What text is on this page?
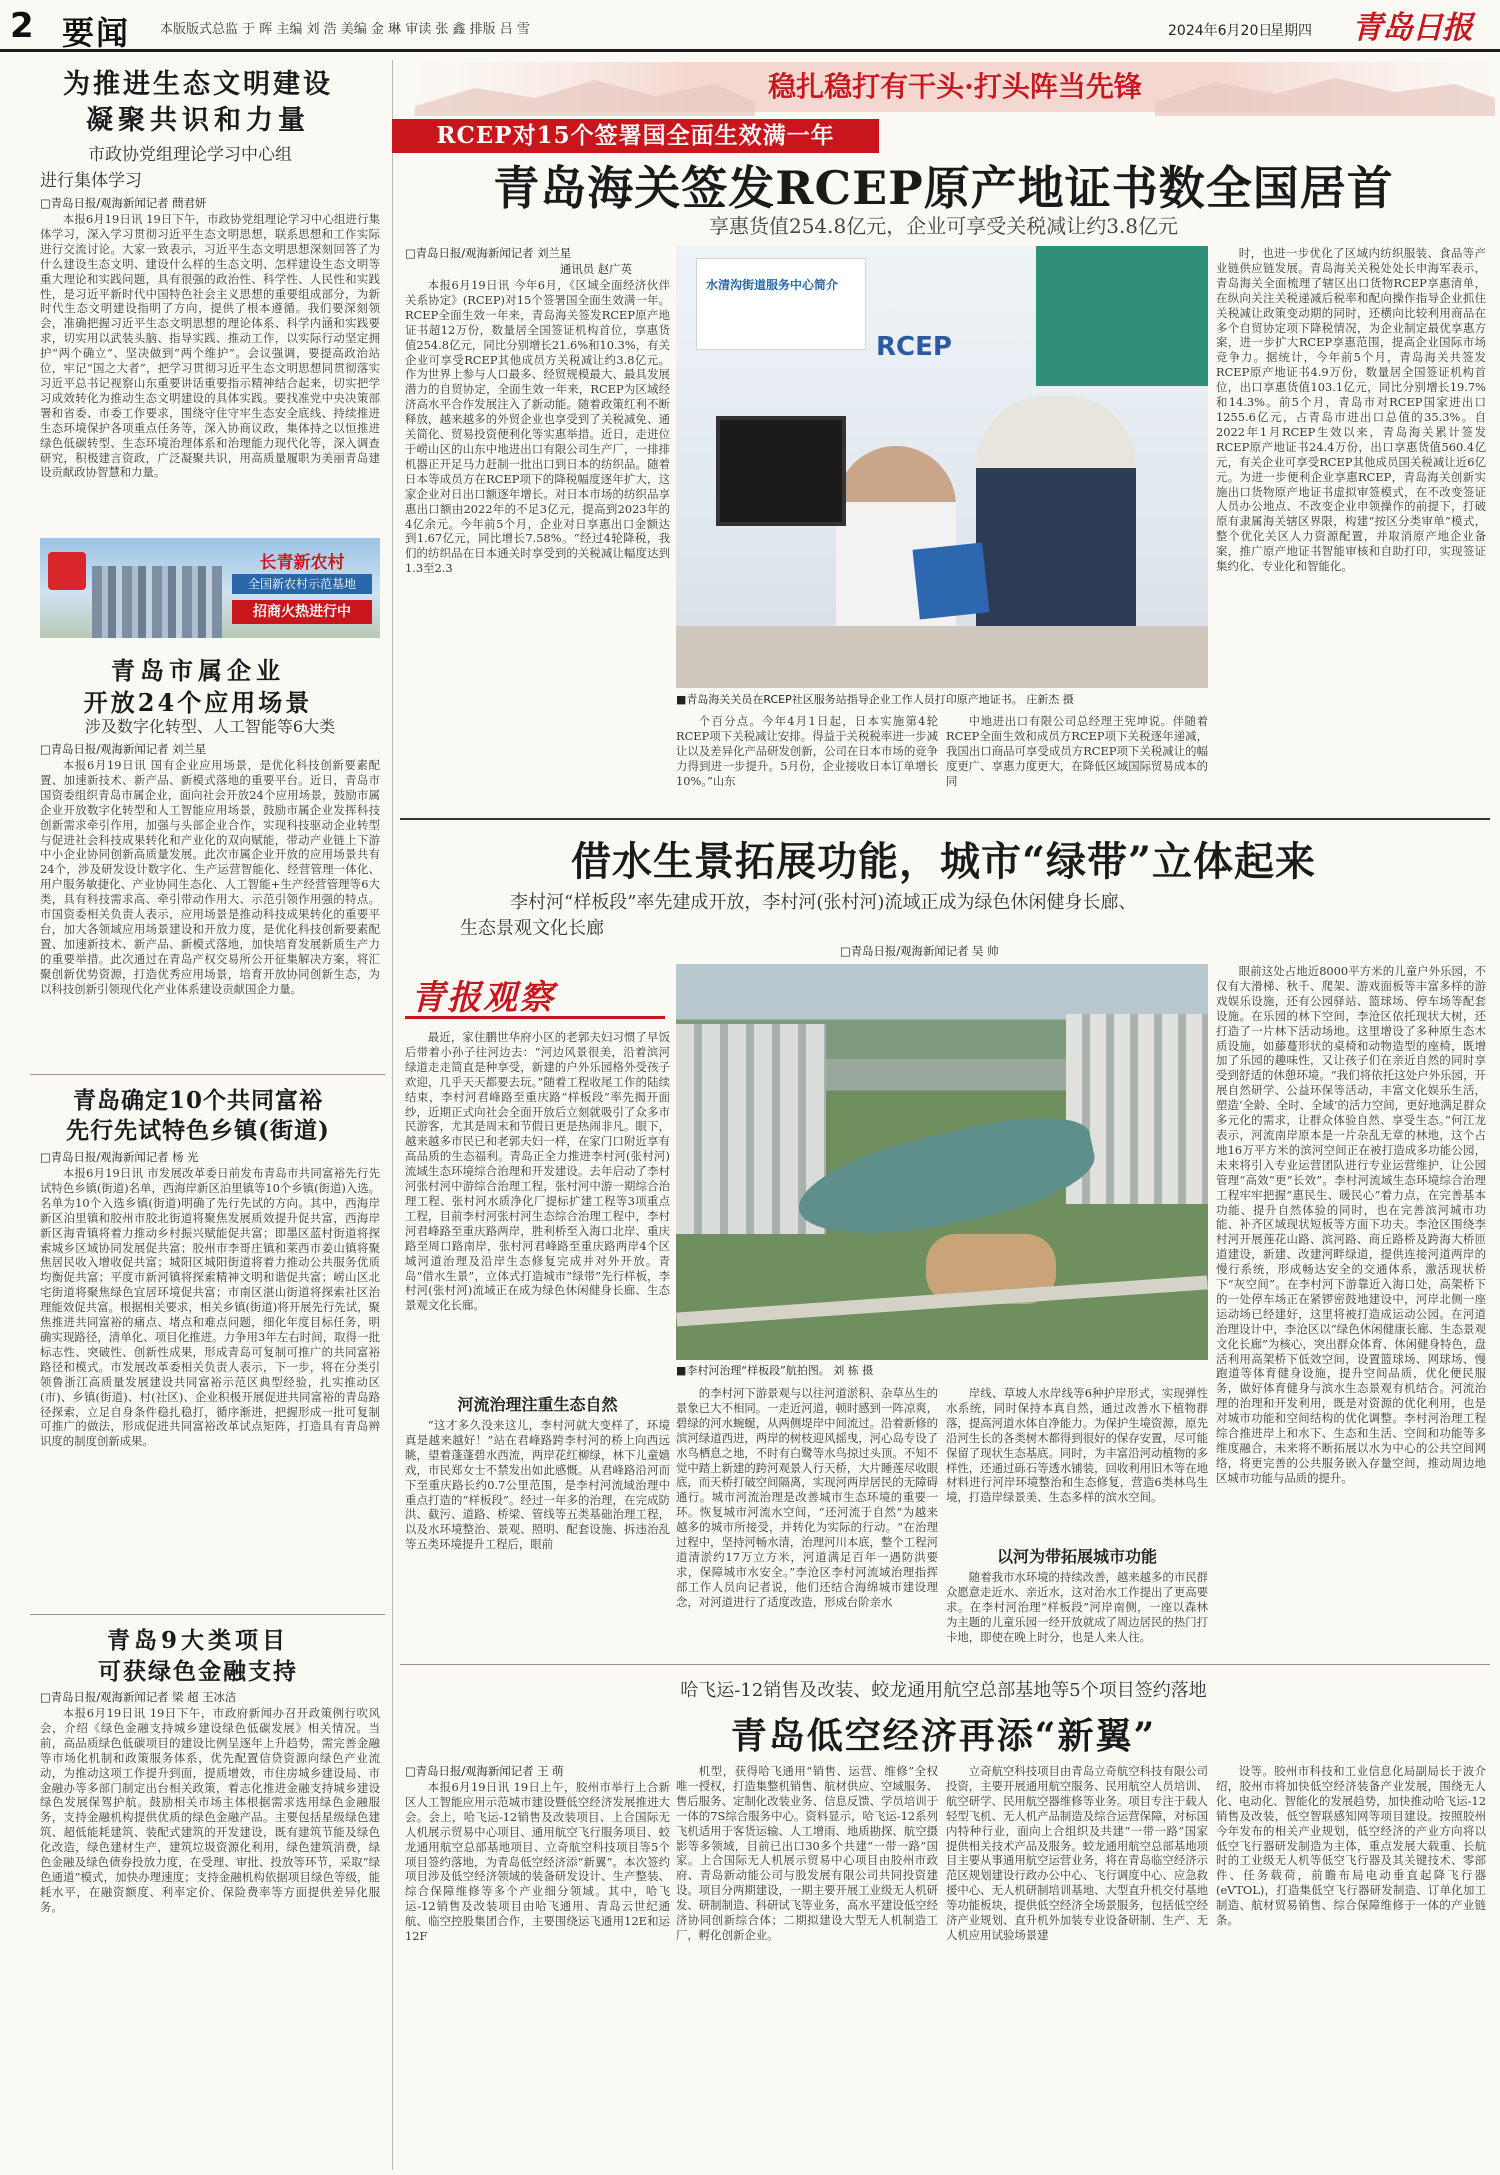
2 要闻 本版版式总监 于 晖 主编 刘 浩 美编 金 琳 审读 张 鑫 排版 吕 雪	2024年6月20日
星期四 青岛日报
为推进生态文明建设
凝聚共识和力量
市政协党组理论学习中心组
进行集体学习
□青岛日报/观海新闻记者 蔄君妍

本报6月19日讯 19日下午，市政协党组理论学习中心组进行集体学习，深入学习贯彻习近平生态文明思想，联系思想和工作实际进行交流讨论。大家一致表示，习近平生态文明思想深刻回答了为什么建设生态文明、建设什么样的生态文明、怎样建设生态文明等重大理论和实践问题，具有很强的政治性、科学性、人民性和实践性，是习近平新时代中国特色社会主义思想的重要组成部分，为新时代生态文明建设指明了方向，提供了根本遵循。我们要深刻领会，准确把握习近平生态文明思想的理论体系、科学内涵和实践要求，切实用以武装头脑、指导实践、推动工作，以实际行动坚定拥护“两个确立”、坚决做到“两个维护”。会议强调，要提高政治站位，牢记“国之大者”，把学习贯彻习近平生态文明思想同贯彻落实习近平总书记视察山东重要讲话重要指示精神结合起来，切实把学习成效转化为推动生态文明建设的具体实践。要找准党中央决策部署和省委、市委工作要求，围绕守住守牢生态安全底线、持续推进生态环境保护各项重点任务等，深入协商议政，集体持之以恒推进绿色低碳转型、生态环境治理体系和治理能力现代化等，深入调查研究，积极建言资政，广泛凝聚共识，用高质量履职为美丽青岛建设贡献政协智慧和力量。

长青新农村
全国新农村示范基地
招商火热进行中
青岛市属企业
开放24个应用场景
涉及数字化转型、人工智能等6大类
□青岛日报/观海新闻记者 刘兰星

本报6月19日讯 国有企业应用场景，是优化科技创新要素配置、加速新技术、新产品、新模式落地的重要平台。近日，青岛市国资委组织青岛市属企业，面向社会开放24个应用场景，鼓励市属企业开放数字化转型和人工智能应用场景，鼓励市属企业发挥科技创新需求牵引作用，加强与头部企业合作，实现科技驱动企业转型与促进社会科技成果转化和产业化的双向赋能，带动产业链上下游中小企业协同创新高质量发展。此次市属企业开放的应用场景共有24个，涉及研发设计数字化、生产运营智能化、经营管理一体化、用户服务敏捷化、产业协同生态化、人工智能+生产经营管理等6大类，具有科技需求高、牵引带动作用大、示范引领作用强的特点。市国资委相关负责人表示，应用场景是推动科技成果转化的重要平台，加大各领域应用场景建设和开放力度，是优化科技创新要素配置、加速新技术、新产品、新模式落地，加快培育发展新质生产力的重要举措。此次通过在青岛产权交易所公开征集解决方案，将汇聚创新优势资源，打造优秀应用场景，培育开放协同创新生态，为以科技创新引领现代化产业体系建设贡献国企力量。

青岛确定10个共同富裕
先行先试特色乡镇(街道)
□青岛日报/观海新闻记者 杨 光

本报6月19日讯 市发展改革委日前发布青岛市共同富裕先行先试特色乡镇(街道)名单，西海岸新区泊里镇等10个乡镇(街道)入选。名单为10个入选乡镇(街道)明确了先行先试的方向。其中，西海岸新区泊里镇和胶州市胶北街道将聚焦发展质效提升促共富，西海岸新区海青镇将着力推动乡村振兴赋能促共富；即墨区蓝村街道将探索城乡区域协同发展促共富；胶州市李哥庄镇和莱西市姜山镇将聚焦居民收入增收促共富；城阳区城阳街道将着力推动公共服务优质均衡促共富；平度市新河镇将探索精神文明和谐促共富；崂山区北宅街道将聚焦绿色宜居环境促共富；市南区湛山街道将探索社区治理能效促共富。根据相关要求，相关乡镇(街道)将开展先行先试，聚焦推进共同富裕的痛点、堵点和难点问题，细化年度目标任务，明确实现路径，清单化、项目化推进。力争用3年左右时间，取得一批标志性、突破性、创新性成果，形成青岛可复制可推广的共同富裕路径和模式。市发展改革委相关负责人表示，下一步，将在分类引领鲁浙江高质量发展建设共同富裕示范区典型经验，扎实推动区(市)、乡镇(街道)、村(社区)、企业积极开展促进共同富裕的青岛路径探索，立足自身条件稳扎稳打，循序渐进，把握形成一批可复制可推广的做法，形成促进共同富裕改革试点矩阵，打造具有青岛辨识度的制度创新成果。

青岛9大类项目
可获绿色金融支持
□青岛日报/观海新闻记者 梁 超 王冰洁

本报6月19日讯 19日下午，市政府新闻办召开政策例行吹风会，介绍《绿色金融支持城乡建设绿色低碳发展》相关情况。当前，高品质绿色低碳项目的建设比例呈逐年上升趋势，需完善金融等市场化机制和政策服务体系，优先配置信贷资源向绿色产业流动，为推动这项工作提升到面，提质增效，市住房城乡建设局、市金融办等多部门制定出台相关政策，着志化推进金融支持城乡建设绿色发展保驾护航。鼓励相关市场主体根据需求选用绿色金融服务，支持金融机构提供优质的绿色金融产品。主要包括星级绿色建筑、超低能耗建筑、装配式建筑的开发建设，既有建筑节能及绿色化改造，绿色建材生产，建筑垃圾资源化利用，绿色建筑消费，绿色金融及绿色债券投放力度，在受理、审批、投放等环节，采取“绿色通道”模式，加快办理速度；支持金融机构依据项目绿色等级，能耗水平，在融资额度、利率定价、保险费率等方面提供差异化服务。

稳扎稳打有干头·打头阵当先锋
RCEP对15个签署国全面生效满一年
青岛海关签发RCEP原产地证书数全国居首
享惠货值254.8亿元，企业可享受关税减让约3.8亿元
□青岛日报/观海新闻记者 刘兰星
通讯员 赵广英

本报6月19日讯 今年6月，《区域全面经济伙伴关系协定》(RCEP)对15个签署国全面生效满一年。RCEP全面生效一年来，青岛海关签发RCEP原产地证书超12万份，数量居全国签证机构首位，享惠货值254.8亿元，同比分别增长21.6%和10.3%，有关企业可享受RCEP其他成员方关税减让约3.8亿元。作为世界上参与人口最多、经贸规模最大、最具发展潜力的自贸协定，全面生效一年来，RCEP为区域经济高水平合作发展注入了新动能。随着政策红利不断释放，越来越多的外贸企业也享受到了关税减免、通关简化、贸易投资便利化等实惠举措。近日，走进位于崂山区的山东中地进出口有限公司生产厂，一排排机器正开足马力赶制一批出口到日本的纺织品。随着日本等成员方在RCEP项下的降税幅度逐年扩大，这家企业对日出口额逐年增长。对日本市场的纺织品享惠出口额由2022年的不足3亿元，提高到2023年的4亿余元。今年前5个月，企业对日享惠出口金额达到1.67亿元，同比增长7.58%。“经过4轮降税，我们的纺织品在日本通关时享受到的关税减让幅度达到1.3至2.3

水清沟街道服务中心简介
RCEP
■青岛海关关员在RCEP社区服务站指导企业工作人员打印原产地证书。 庄新杰 摄

个百分点。今年4月1日起，日本实施第4轮RCEP项下关税减让安排。得益于关税税率进一步减让以及差异化产品研发创新，公司在日本市场的竞争力得到进一步提升。5月份，企业接收日本订单增长10%。”山东

中地进出口有限公司总经理王宪坤说。伴随着RCEP全面生效和成员方RCEP项下关税逐年递减，我国出口商品可享受成员方RCEP项下关税减让的幅度更广、享惠力度更大，在降低区域国际贸易成本的同

时，也进一步优化了区域内纺织服装、食品等产业链供应链发展。青岛海关关税处处长申海军表示，青岛海关全面梳理了辖区出口货物RCEP享惠清单，在纵向关注关税递减后税率和配向操作指导企业抓住关税减让政策变动期的同时，还横向比较利用商品在多个自贸协定项下降税情况，为企业制定最优享惠方案，进一步扩大RCEP享惠范围，提高企业国际市场竞争力。据统计，今年前5个月，青岛海关共签发RCEP原产地证书4.9万份，数量居全国签证机构首位，出口享惠货值103.1亿元，同比分别增长19.7%和14.3%。前5个月，青岛市对RCEP国家进出口1255.6亿元，占青岛市进出口总值的35.3%。自2022年1月RCEP生效以来，青岛海关累计签发RCEP原产地证书24.4万份，出口享惠货值560.4亿元，有关企业可享受RCEP其他成员国关税减让近6亿元。为进一步便利企业享惠RCEP，青岛海关创新实施出口货物原产地证书虚拟审签模式，在不改变签证人员办公地点、不改变企业申领操作的前提下，打破原有隶属海关辖区界限，构建“按区分类审单”模式，整个优化关区人力资源配置，并取消原产地企业备案，推广原产地证书智能审核和自助打印，实现签证集约化、专业化和智能化。

借水生景拓展功能，城市“绿带”立体起来
李村河“样板段”率先建成开放，李村河(张村河)流域正成为绿色休闲健身长廊、
生态景观文化长廊
□青岛日报/观海新闻记者 吴 帅
青报观察

最近，家住鹏世华府小区的老郭夫妇习惯了早饭后带着小孙子往河边去：“河边风景很美，沿着滨河绿道走走简直是种享受，新建的户外乐园格外受孩子欢迎，几乎天天都要去玩。”随着工程收尾工作的陆续结束，李村河君峰路至重庆路“样板段”率先揭开面纱，近期正式向社会全面开放后立刻就吸引了众多市民游客，尤其是周末和节假日更是热闹非凡。眼下，越来越多市民已和老郭夫妇一样，在家门口附近享有高品质的生态福利。青岛正全力推进李村河(张村河)流域生态环境综合治理和开发建设。去年启动了李村河张村河中游综合治理工程，张村河中游一期综合治理工程、张村河水质净化厂提标扩建工程等3项重点工程，目前李村河张村河生态综合治理工程中，李村河君峰路至重庆路两岸，胜利桥至入海口北岸、重庆路至周口路南岸，张村河君峰路至重庆路两岸4个区域河道治理及沿岸生态修复完成并对外开放。青岛“借水生景”，立体式打造城市“绿带”先行样板，李村河(张村河)流域正在成为绿色休闲健身长廊、生态景观文化长廊。

河流治理注重生态自然

“这才多久没来这儿，李村河就大变样了，环境真是越来越好！”站在君峰路跨李村河的桥上向西远眺，望着蓬蓬碧水西流，两岸花红柳绿，林下儿童嬉戏，市民郑女士不禁发出如此感慨。从君峰路沿河而下至重庆路长约0.7公里范围，是李村河流域治理中重点打造的“样板段”。经过一年多的治理，在完成防洪、截污、道路、桥梁、管线等五类基础治理工程，以及水环境整治、景观、照明、配套设施、拆违治乱等五类环境提升工程后，眼前

■李村河治理“样板段”航拍图。 刘 栋 摄

的李村河下游景观与以往河道淤积、杂草丛生的景象已大不相同。一走近河道，顿时感到一阵凉爽，碧绿的河水蜿蜒，从两侧堤岸中间流过。沿着新修的滨河绿道西进，两岸的树枝迎风摇曳，河心岛专设了水鸟栖息之地，不时有白鹭等水鸟掠过头顶。不知不觉中踏上新建的跨河观景人行天桥，大片睡莲尽收眼底，而天桥打破空间隔离，实现河两岸居民的无障碍通行。城市河流治理是改善城市生态环境的重要一环。恢复城市河流水空间，“还河流于自然”为越来越多的城市所接受，并转化为实际的行动。“在治理过程中，坚持河畅水清，治理河川本底，整个工程河道清淤约17万立方米，河道满足百年一遇防洪要求，保障城市水安全。”李沧区李村河流域治理指挥部工作人员向记者说，他们还结合海绵城市建设理念，对河道进行了适度改造，形成台阶亲水

岸线、草坡人水岸线等6种护岸形式，实现弹性水系统，同时保持本真自然，通过改善水下植物群落，提高河道水体自净能力。为保护生境资源，原先沿河生长的各类树木都得到很好的保存安置，尽可能保留了现状生态基底。同时，为丰富沿河动植物的多样性，还通过砾石等透水铺装，回收利用旧木等在地材料进行河岸环境整治和生态修复，营造6类林鸟生境，打造岸绿景美、生态多样的滨水空间。

以河为带拓展城市功能

随着我市水环境的持续改善，越来越多的市民群众愿意走近水、亲近水，这对治水工作提出了更高要求。在李村河治理“样板段”河岸南侧，一座以森林为主题的儿童乐园一经开放就成了周边居民的热门打卡地，即使在晚上时分，也是人来人往。

眼前这处占地近8000平方米的儿童户外乐园，不仅有大滑梯、秋千、爬架、游戏面板等丰富多样的游戏娱乐设施，还有公园驿站、篮球场、停车场等配套设施。在乐园的林下空间，李沧区依托现状大树，还打造了一片林下活动场地。这里增设了多种原生态木质设施，如藤蔓形状的桌椅和动物造型的座椅，既增加了乐园的趣味性，又让孩子们在亲近自然的同时享受到舒适的休憩环境。“我们将依托这处户外乐园，开展自然研学、公益环保等活动，丰富文化娱乐生活，塑造‘全龄、全时、全域’的活力空间，更好地满足群众多元化的需求，让群众体验自然、享受生态。”何江龙表示，河流南岸原本是一片杂乱无章的林地，这个占地16万平方米的滨河空间正在被打造成多功能公园，未来将引入专业运营团队进行专业运营维护，让公园管理“高效”更“长效”。李村河流域生态环境综合治理工程牢牢把握“惠民生、暖民心”着力点，在完善基本功能、提升自然体验的同时，也在完善滨河城市功能、补齐区域现状短板等方面下功夫。李沧区围绕李村河开展莲花山路、滨河路、商丘路桥及跨海大桥匝道建设，新建、改建河畔绿道，提供连接河道两岸的慢行系统，形成畅达安全的交通体系，激活现状桥下“灰空间”。在李村河下游靠近入海口处，高架桥下的一处停车场正在紧锣密鼓地建设中，河岸北侧一座运动场已经建好，这里将被打造成运动公园。在河道治理设计中，李沧区以“绿色休闲健康长廊、生态景观文化长廊”为核心，突出群众体育、休闲健身特色，盘活利用高架桥下低效空间，设置篮球场、网球场、慢跑道等体育健身设施，提升空间品质，优化便民服务，做好体育健身与滨水生态景观有机结合。河流治理的治理和开发利用，既是对资源的优化利用，也是对城市功能和空间结构的优化调整。李村河治理工程综合推进岸上和水下、生态和生活、空间和功能等多维度融合，未来将不断拓展以水为中心的公共空间网络，将更完善的公共服务嵌入存量空间，推动周边地区城市功能与品质的提升。

哈飞运-12销售及改装、蛟龙通用航空总部基地等5个项目签约落地
青岛低空经济再添“新翼”
□青岛日报/观海新闻记者 王 萌

本报6月19日讯 19日上午，胶州市举行上合新区人工智能应用示范城市建设暨低空经济发展推进大会。会上，哈飞运-12销售及改装项目、上合国际无人机展示贸易中心项目、通用航空飞行服务项目、蛟龙通用航空总部基地项目、立奇航空科技项目等5个项目签约落地，为青岛低空经济添“新翼”。本次签约项目涉及低空经济领域的装备研发设计、生产整装、综合保障维修等多个产业细分领域。其中，哈飞运-12销售及改装项目由哈飞通用、青岛云世纪通航、临空控股集团合作，主要围绕运飞通用12E和运12F

机型，获得哈飞通用“销售、运营、维修”全权唯一授权，打造集整机销售、航材供应、空域服务、售后服务、定制化改装业务、信息反馈、学员培训于一体的7S综合服务中心。资料显示，哈飞运-12系列飞机适用于客货运输、人工增雨、地质勘探、航空摄影等多领域，目前已出口30多个共建“一带一路”国家。上合国际无人机展示贸易中心项目由胶州市政府、青岛新动能公司与股发展有限公司共同投资建设。项目分两期建设，一期主要开展工业级无人机研发、研制制造、科研试飞等业务，高水平建设低空经济协同创新综合体；二期拟建设大型无人机制造工厂，孵化创新企业。

立奇航空科技项目由青岛立奇航空科技有限公司投资，主要开展通用航空服务、民用航空人员培训、航空研学、民用航空器维修等业务。项目专注于载人轻型飞机、无人机产品制造及综合运营保障，对标国内特种行业，面向上合组织及共建“一带一路”国家提供相关技术产品及服务。蛟龙通用航空总部基地项目主要从事通用航空运营业务，将在青岛临空经济示范区规划建设行政办公中心、飞行调度中心、应急救援中心、无人机研制培训基地、大型直升机交付基地等功能板块，提供低空经济全场景服务，包括低空经济产业规划、直升机外加装专业设备研制、生产、无人机应用试验场景建

设等。胶州市科技和工业信息化局副局长于波介绍，胶州市将加快低空经济装备产业发展，围绕无人化、电动化、智能化的发展趋势，加快推动哈飞运-12销售及改装，低空智联感知网等项目建设。按照胶州今年发布的相关产业规划，低空经济的产业方向将以低空飞行器研发制造为主体，重点发展大载重、长航时的工业级无人机等低空飞行器及其关键技术、零部件、任务载荷，前瞻布局电动垂直起降飞行器(eVTOL)，打造集低空飞行器研发制造、订单化加工制造、航材贸易销售、综合保障维修于一体的产业链条。
